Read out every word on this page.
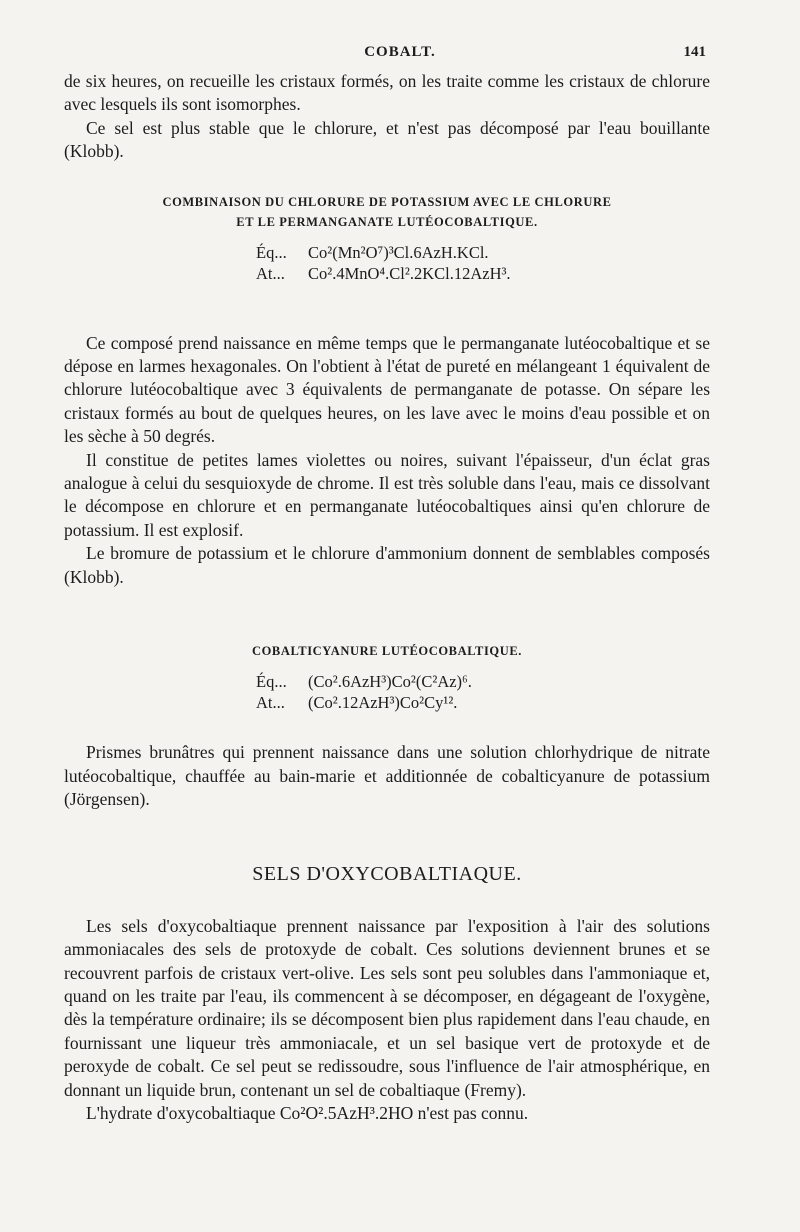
COBALT.	141

de six heures, on recueille les cristaux formés, on les traite comme les cristaux de chlorure avec lesquels ils sont isomorphes.

Ce sel est plus stable que le chlorure, et n'est pas décomposé par l'eau bouillante (Klobb).

COMBINAISON DU CHLORURE DE POTASSIUM AVEC LE CHLORURE
ET LE PERMANGANATE LUTÉOCOBALTIQUE.
Éq... Co²(Mn²O⁷)³Cl.6AzH.KCl.
At... Co².4MnO⁴.Cl².2KCl.12AzH³.

Ce composé prend naissance en même temps que le permanganate lutéocobaltique et se dépose en larmes hexagonales. On l'obtient à l'état de pureté en mélangeant 1 équivalent de chlorure lutéocobaltique avec 3 équivalents de permanganate de potasse. On sépare les cristaux formés au bout de quelques heures, on les lave avec le moins d'eau possible et on les sèche à 50 degrés.

Il constitue de petites lames violettes ou noires, suivant l'épaisseur, d'un éclat gras analogue à celui du sesquioxyde de chrome. Il est très soluble dans l'eau, mais ce dissolvant le décompose en chlorure et en permanganate lutéocobaltiques ainsi qu'en chlorure de potassium. Il est explosif.

Le bromure de potassium et le chlorure d'ammonium donnent de semblables composés (Klobb).

COBALTICYANURE LUTÉOCOBALTIQUE.
Éq... (Co².6AzH³)Co²(C²Az)⁶.
At... (Co².12AzH³)Co²Cy¹².

Prismes brunâtres qui prennent naissance dans une solution chlorhydrique de nitrate lutéocobaltique, chauffée au bain-marie et additionnée de cobalticyanure de potassium (Jörgensen).

SELS D'OXYCOBALTIAQUE.

Les sels d'oxycobaltiaque prennent naissance par l'exposition à l'air des solutions ammoniacales des sels de protoxyde de cobalt. Ces solutions deviennent brunes et se recouvrent parfois de cristaux vert-olive. Les sels sont peu solubles dans l'ammoniaque et, quand on les traite par l'eau, ils commencent à se décomposer, en dégageant de l'oxygène, dès la température ordinaire; ils se décomposent bien plus rapidement dans l'eau chaude, en fournissant une liqueur très ammoniacale, et un sel basique vert de protoxyde et de peroxyde de cobalt. Ce sel peut se redissoudre, sous l'influence de l'air atmosphérique, en donnant un liquide brun, contenant un sel de cobaltiaque (Fremy).

L'hydrate d'oxycobaltiaque Co²O².5AzH³.2HO n'est pas connu.
